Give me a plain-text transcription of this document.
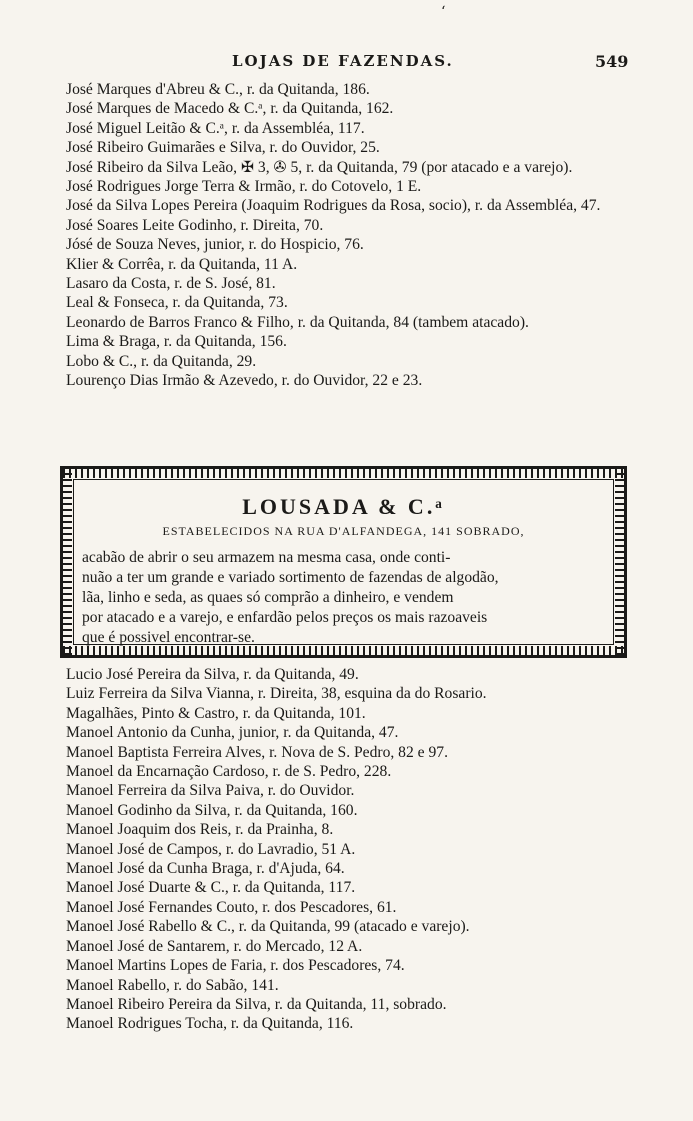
ʻ
LOJAS DE FAZENDAS.	549
José Marques d'Abreu & C., r. da Quitanda, 186.
José Marques de Macedo & C.ᵃ, r. da Quitanda, 162.
José Miguel Leitão & C.ᵃ, r. da Assembléa, 117.
José Ribeiro Guimarães e Silva, r. do Ouvidor, 25.
José Ribeiro da Silva Leão, ✠ 3, ✇ 5, r. da Quitanda, 79 (por atacado e a varejo).
José Rodrigues Jorge Terra & Irmão, r. do Cotovelo, 1 E.
José da Silva Lopes Pereira (Joaquim Rodrigues da Rosa, socio), r. da Assembléa, 47.
José Soares Leite Godinho, r. Direita, 70.
Jósé de Souza Neves, junior, r. do Hospicio, 76.
Klier & Corrêa, r. da Quitanda, 11 A.
Lasaro da Costa, r. de S. José, 81.
Leal & Fonseca, r. da Quitanda, 73.
Leonardo de Barros Franco & Filho, r. da Quitanda, 84 (tambem atacado).
Lima & Braga, r. da Quitanda, 156.
Lobo & C., r. da Quitanda, 29.
Lourenço Dias Irmão & Azevedo, r. do Ouvidor, 22 e 23.
LOUSADA & C.ᵃ
ESTABELECIDOS NA RUA D'ALFANDEGA, 141 SOBRADO,
acabão de abrir o seu armazem na mesma casa, onde conti-
nuão a ter um grande e variado sortimento de fazendas de algodão,
lãa, linho e seda, as quaes só comprão a dinheiro, e vendem
por atacado e a varejo, e enfardão pelos preços os mais razoaveis
que é possivel encontrar-se.
Lucio José Pereira da Silva, r. da Quitanda, 49.
Luiz Ferreira da Silva Vianna, r. Direita, 38, esquina da do Rosario.
Magalhães, Pinto & Castro, r. da Quitanda, 101.
Manoel Antonio da Cunha, junior, r. da Quitanda, 47.
Manoel Baptista Ferreira Alves, r. Nova de S. Pedro, 82 e 97.
Manoel da Encarnação Cardoso, r. de S. Pedro, 228.
Manoel Ferreira da Silva Paiva, r. do Ouvidor.
Manoel Godinho da Silva, r. da Quitanda, 160.
Manoel Joaquim dos Reis, r. da Prainha, 8.
Manoel José de Campos, r. do Lavradio, 51 A.
Manoel José da Cunha Braga, r. d'Ajuda, 64.
Manoel José Duarte & C., r. da Quitanda, 117.
Manoel José Fernandes Couto, r. dos Pescadores, 61.
Manoel José Rabello & C., r. da Quitanda, 99 (atacado e varejo).
Manoel José de Santarem, r. do Mercado, 12 A.
Manoel Martins Lopes de Faria, r. dos Pescadores, 74.
Manoel Rabello, r. do Sabão, 141.
Manoel Ribeiro Pereira da Silva, r. da Quitanda, 11, sobrado.
Manoel Rodrigues Tocha, r. da Quitanda, 116.
